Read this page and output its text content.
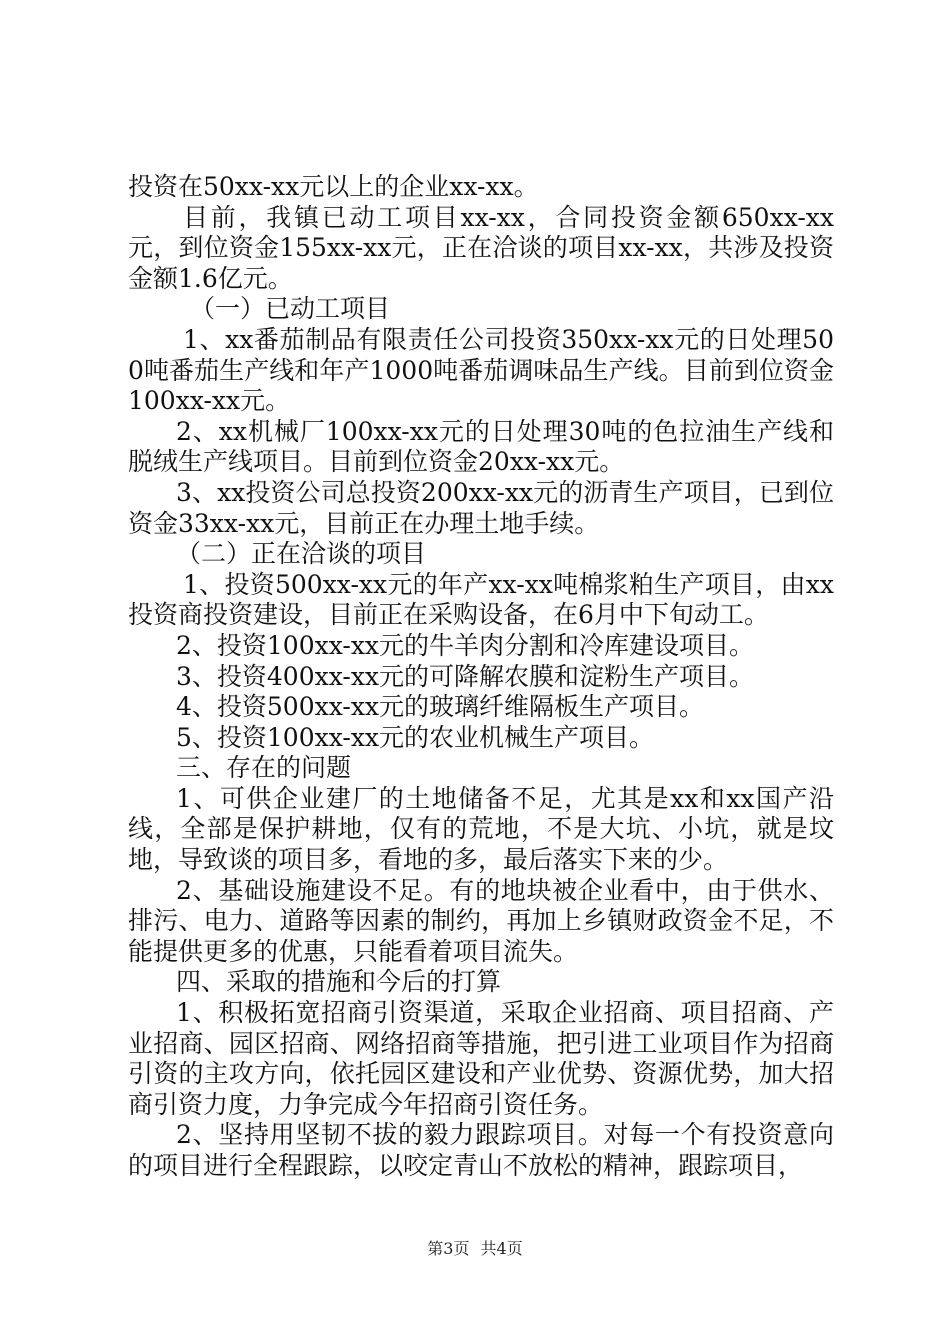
投资在50xx-xx元以上的企业xx-xx。

目前，我镇已动工项目xx-xx，合同投资金额650xx-xx元，到位资金155xx-xx元，正在洽谈的项目xx-xx，共涉及投资金额1.6亿元。

（一）已动工项目

1、xx番茄制品有限责任公司投资350xx-xx元的日处理500吨番茄生产线和年产1000吨番茄调味品生产线。目前到位资金100xx-xx元。

2、xx机械厂100xx-xx元的日处理30吨的色拉油生产线和脱绒生产线项目。目前到位资金20xx-xx元。

3、xx投资公司总投资200xx-xx元的沥青生产项目，已到位资金33xx-xx元，目前正在办理土地手续。

（二）正在洽谈的项目

1、投资500xx-xx元的年产xx-xx吨棉浆粕生产项目，由xx投资商投资建设，目前正在采购设备，在6月中下旬动工。

2、投资100xx-xx元的牛羊肉分割和冷库建设项目。

3、投资400xx-xx元的可降解农膜和淀粉生产项目。

4、投资500xx-xx元的玻璃纤维隔板生产项目。

5、投资100xx-xx元的农业机械生产项目。

三、存在的问题

1、可供企业建厂的土地储备不足，尤其是xx和xx国产沿线，全部是保护耕地，仅有的荒地，不是大坑、小坑，就是坟地，导致谈的项目多，看地的多，最后落实下来的少。

2、基础设施建设不足。有的地块被企业看中，由于供水、排污、电力、道路等因素的制约，再加上乡镇财政资金不足，不能提供更多的优惠，只能看着项目流失。

四、采取的措施和今后的打算

1、积极拓宽招商引资渠道，采取企业招商、项目招商、产业招商、园区招商、网络招商等措施，把引进工业项目作为招商引资的主攻方向，依托园区建设和产业优势、资源优势，加大招商引资力度，力争完成今年招商引资任务。

2、坚持用坚韧不拔的毅力跟踪项目。对每一个有投资意向的项目进行全程跟踪，以咬定青山不放松的精神，跟踪项目，

第3页 共4页
